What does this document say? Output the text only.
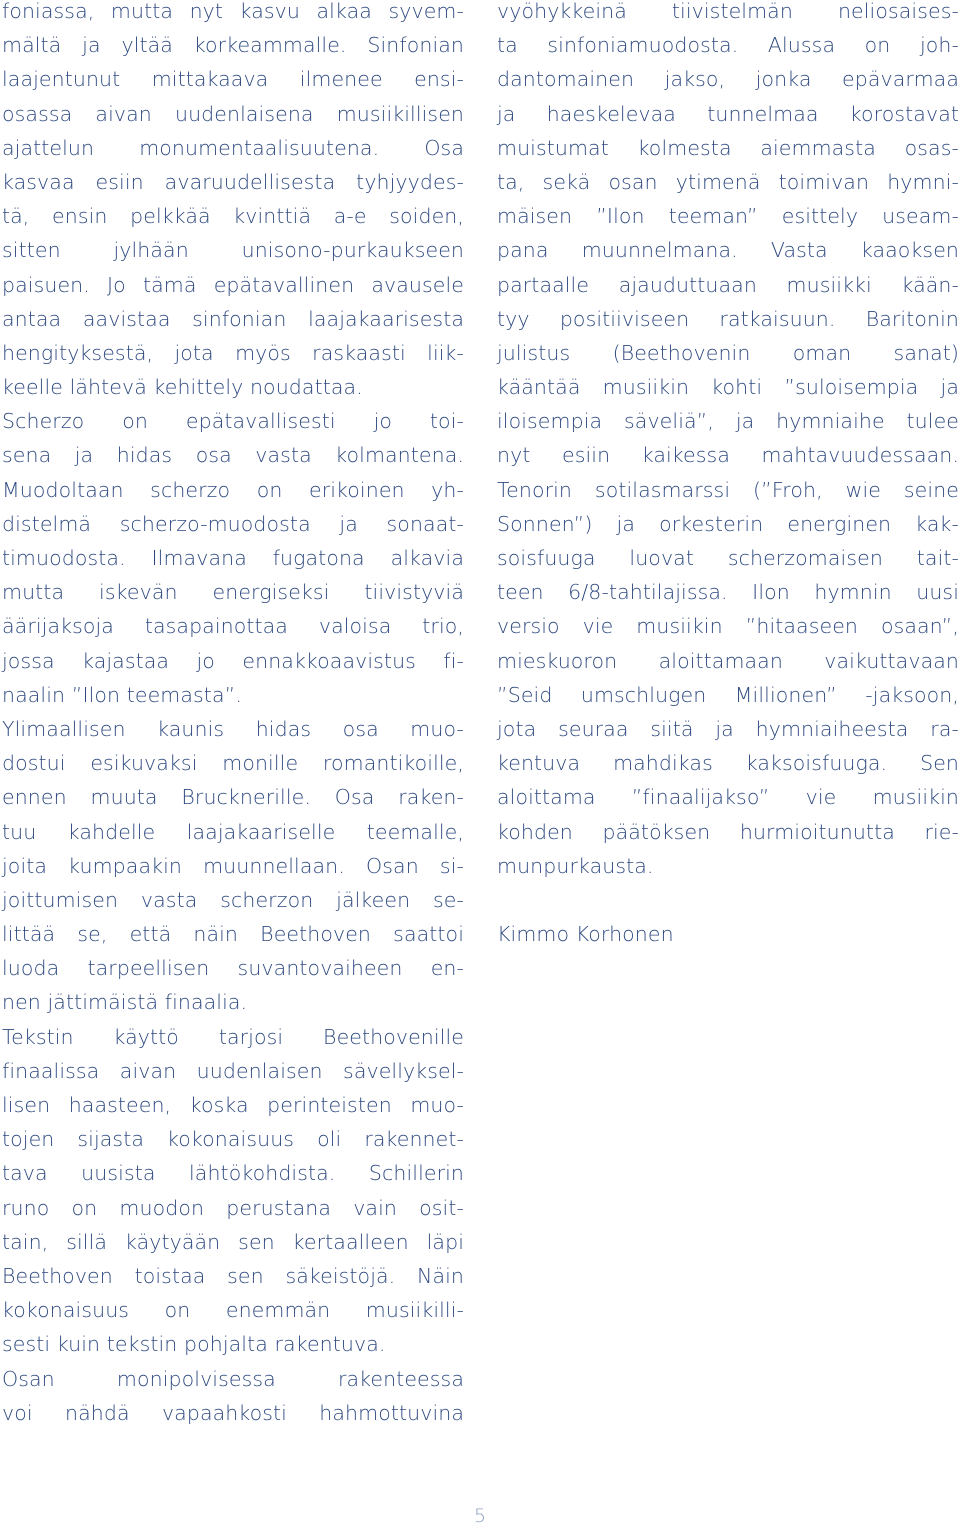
foniassa, mutta nyt kasvu alkaa syvem-
mältä ja yltää korkeammalle. Sinfonian
laajentunut mittakaava ilmenee ensi-
osassa aivan uudenlaisena musiikillisen
ajattelun monumentaalisuutena. Osa
kasvaa esiin avaruudellisesta tyhjyydes-
tä, ensin pelkkää kvinttiä a-e soiden,
sitten jylhään unisono-purkaukseen
paisuen. Jo tämä epätavallinen avausele
antaa aavistaa sinfonian laajakaarisesta
hengityksestä, jota myös raskaasti liik-
keelle lähtevä kehittely noudattaa.
Scherzo on epätavallisesti jo toi-
sena ja hidas osa vasta kolmantena.
Muodoltaan scherzo on erikoinen yh-
distelmä scherzo-muodosta ja sonaat-
timuodosta. Ilmavana fugatona alkavia
mutta iskevän energiseksi tiivistyviä
äärijaksoja tasapainottaa valoisa trio,
jossa kajastaa jo ennakkoaavistus fi-
naalin ”Ilon teemasta”.
Ylimaallisen kaunis hidas osa muo-
dostui esikuvaksi monille romantikoille,
ennen muuta Brucknerille. Osa raken-
tuu kahdelle laajakaariselle teemalle,
joita kumpaakin muunnellaan. Osan si-
joittumisen vasta scherzon jälkeen se-
littää se, että näin Beethoven saattoi
luoda tarpeellisen suvantovaiheen en-
nen jättimäistä finaalia.
Tekstin käyttö tarjosi Beethovenille
finaalissa aivan uudenlaisen sävellyksel-
lisen haasteen, koska perinteisten muo-
tojen sijasta kokonaisuus oli rakennet-
tava uusista lähtökohdista. Schillerin
runo on muodon perustana vain osit-
tain, sillä käytyään sen kertaalleen läpi
Beethoven toistaa sen säkeistöjä. Näin
kokonaisuus on enemmän musiikilli-
sesti kuin tekstin pohjalta rakentuva.
Osan monipolvisessa rakenteessa
voi nähdä vapaahkosti hahmottuvina
vyöhykkeinä tiivistelmän neliosaises-
ta sinfoniamuodosta. Alussa on joh-
dantomainen jakso, jonka epävarmaa
ja haeskelevaa tunnelmaa korostavat
muistumat kolmesta aiemmasta osas-
ta, sekä osan ytimenä toimivan hymni-
mäisen ”Ilon teeman” esittely useam-
pana muunnelmana. Vasta kaaoksen
partaalle ajauduttuaan musiikki kään-
tyy positiiviseen ratkaisuun. Baritonin
julistus (Beethovenin oman sanat)
kääntää musiikin kohti ”suloisempia ja
iloisempia säveliä”, ja hymniaihe tulee
nyt esiin kaikessa mahtavuudessaan.
Tenorin sotilasmarssi (”Froh, wie seine
Sonnen”) ja orkesterin energinen kak-
soisfuuga luovat scherzomaisen tait-
teen 6/8-tahtilajissa. Ilon hymnin uusi
versio vie musiikin ”hitaaseen osaan”,
mieskuoron aloittamaan vaikuttavaan
”Seid umschlugen Millionen” -jaksoon,
jota seuraa siitä ja hymniaiheesta ra-
kentuva mahdikas kaksoisfuuga. Sen
aloittama ”finaalijakso” vie musiikin
kohden päätöksen hurmioitunutta rie-
munpurkausta.
Kimmo Korhonen
5
